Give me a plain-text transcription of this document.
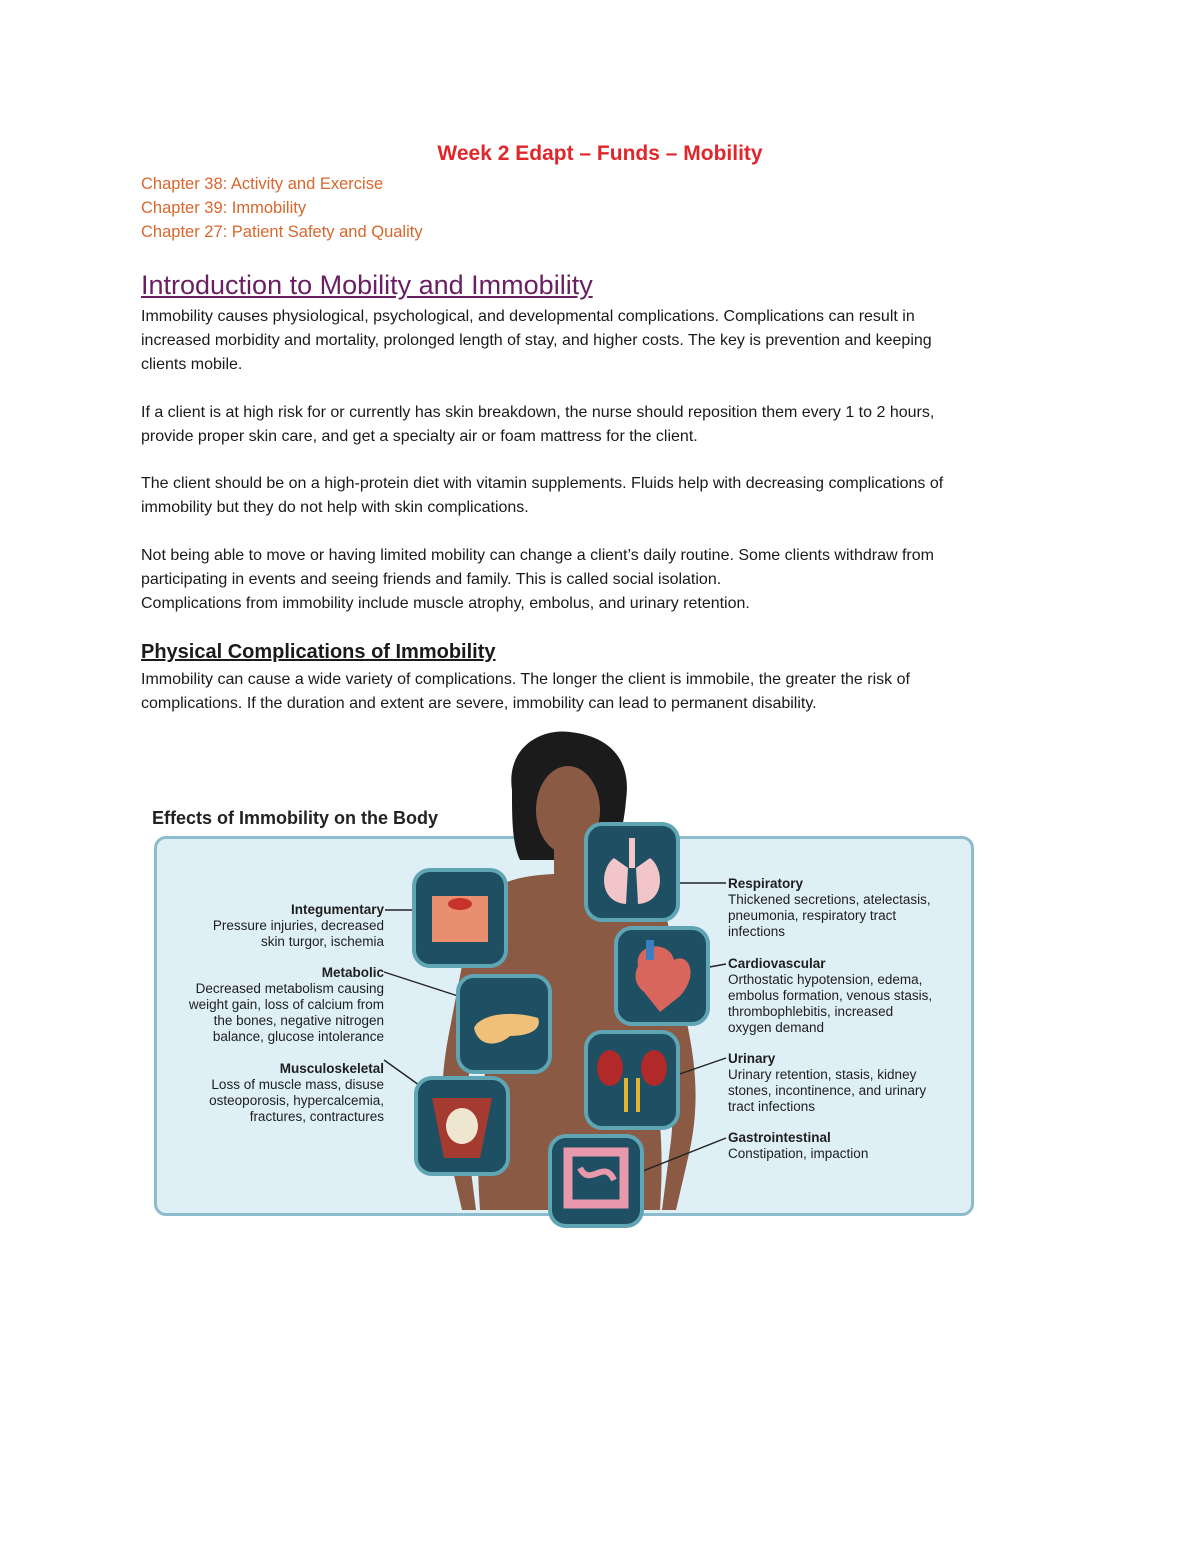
Week 2 Edapt – Funds – Mobility
Chapter 38: Activity and Exercise
Chapter 39: Immobility
Chapter 27: Patient Safety and Quality
Introduction to Mobility and Immobility
Immobility causes physiological, psychological, and developmental complications. Complications can result in
increased morbidity and mortality, prolonged length of stay, and higher costs. The key is prevention and keeping
clients mobile.
If a client is at high risk for or currently has skin breakdown, the nurse should reposition them every 1 to 2 hours,
provide proper skin care, and get a specialty air or foam mattress for the client.
The client should be on a high-protein diet with vitamin supplements. Fluids help with decreasing complications of
immobility but they do not help with skin complications.
Not being able to move or having limited mobility can change a client’s daily routine. Some clients withdraw from
participating in events and seeing friends and family. This is called social isolation.
Complications from immobility include muscle atrophy, embolus, and urinary retention.
Physical Complications of Immobility
Immobility can cause a wide variety of complications. The longer the client is immobile, the greater the risk of
complications. If the duration and extent are severe, immobility can lead to permanent disability.
Effects of Immobility on the Body
Integumentary
Pressure injuries, decreased
skin turgor, ischemia
Metabolic
Decreased metabolism causing
weight gain, loss of calcium from
the bones, negative nitrogen
balance, glucose intolerance
Musculoskeletal
Loss of muscle mass, disuse
osteoporosis, hypercalcemia,
fractures, contractures
Respiratory
Thickened secretions, atelectasis,
pneumonia, respiratory tract
infections
Cardiovascular
Orthostatic hypotension, edema,
embolus formation, venous stasis,
thrombophlebitis, increased
oxygen demand
Urinary
Urinary retention, stasis, kidney
stones, incontinence, and urinary
tract infections
Gastrointestinal
Constipation, impaction
